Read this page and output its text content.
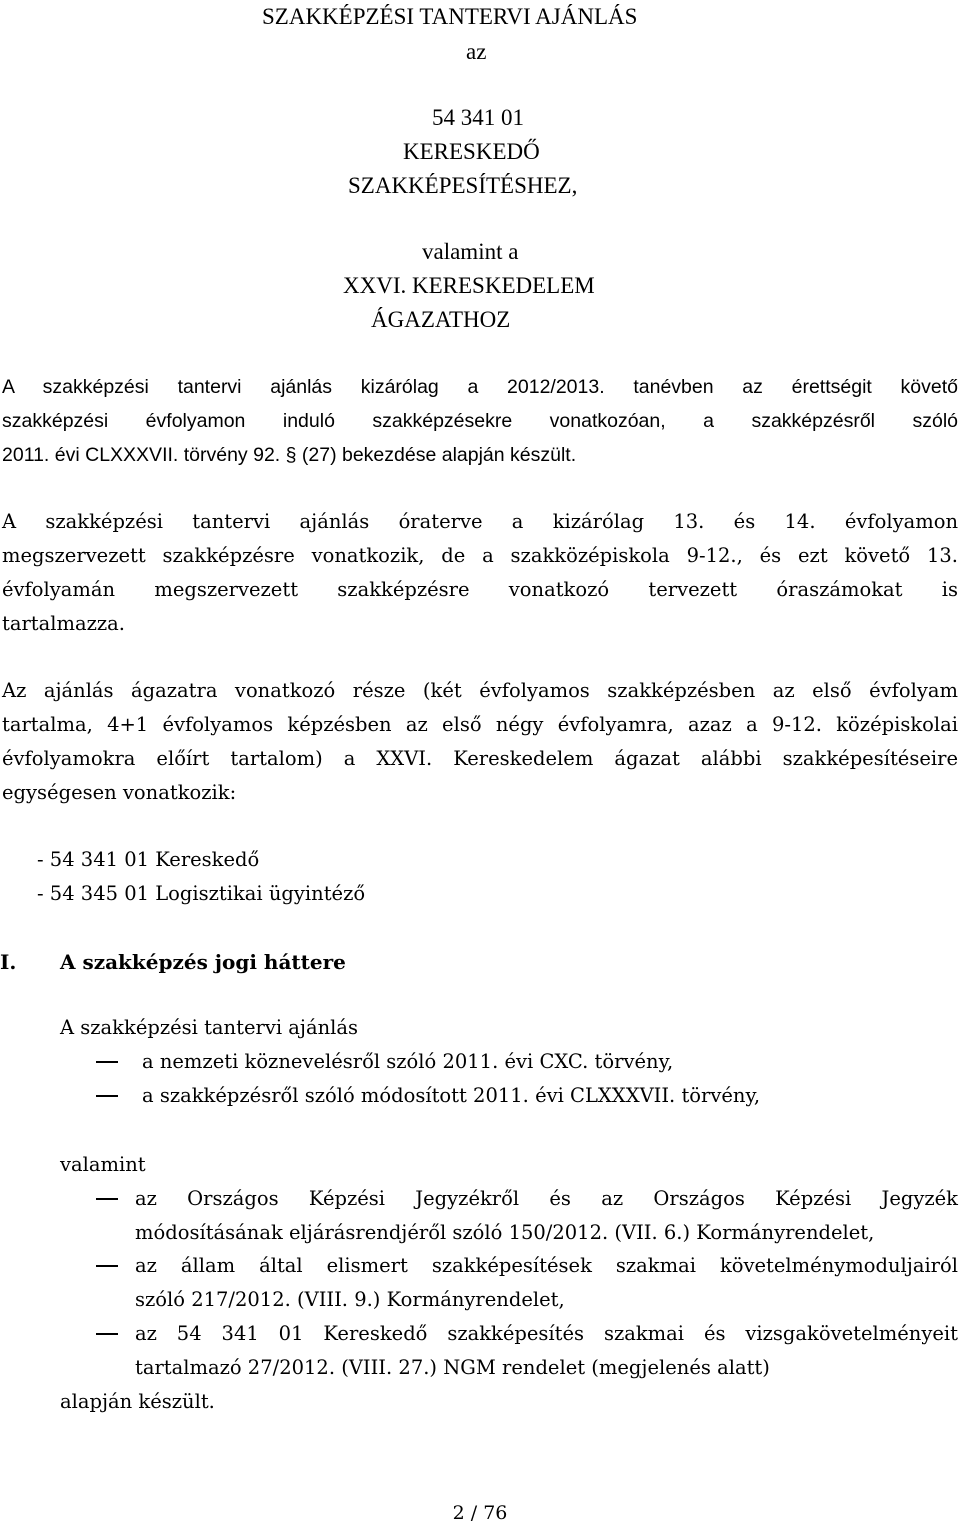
SZAKKÉPZÉSI TANTERVI AJÁNLÁS
az
54 341 01
KERESKEDŐ
SZAKKÉPESÍTÉSHEZ,
valamint a
XXVI. KERESKEDELEM
ÁGAZATHOZ
A szakképzési tantervi ajánlás kizárólag a 2012/2013. tanévben az érettségit követő
szakképzési évfolyamon induló szakképzésekre vonatkozóan, a szakképzésről szóló
2011. évi CLXXXVII. törvény 92. § (27) bekezdése alapján készült.
A szakképzési tantervi ajánlás óraterve a kizárólag 13. és 14. évfolyamon
megszervezett szakképzésre vonatkozik, de a szakközépiskola 9-12., és ezt követő 13.
évfolyamán megszervezett szakképzésre vonatkozó tervezett óraszámokat is
tartalmazza.
Az ajánlás ágazatra vonatkozó része (két évfolyamos szakképzésben az első évfolyam
tartalma, 4+1 évfolyamos képzésben az első négy évfolyamra, azaz a 9-12. középiskolai
évfolyamokra előírt tartalom) a XXVI. Kereskedelem ágazat alábbi szakképesítéseire
egységesen vonatkozik:
- 54 341 01 Kereskedő
- 54 345 01 Logisztikai ügyintéző
I. A szakképzés jogi háttere
A szakképzési tantervi ajánlás
a nemzeti köznevelésről szóló 2011. évi CXC. törvény,
a szakképzésről szóló módosított 2011. évi CLXXXVII. törvény,
valamint
az Országos Képzési Jegyzékről és az Országos Képzési Jegyzék
módosításának eljárásrendjéről szóló 150/2012. (VII. 6.) Kormányrendelet,
az állam által elismert szakképesítések szakmai követelménymoduljairól
szóló 217/2012. (VIII. 9.) Kormányrendelet,
az 54 341 01 Kereskedő szakképesítés szakmai és vizsgakövetelményeit
tartalmazó 27/2012. (VIII. 27.) NGM rendelet (megjelenés alatt)
alapján készült.
2 / 76
